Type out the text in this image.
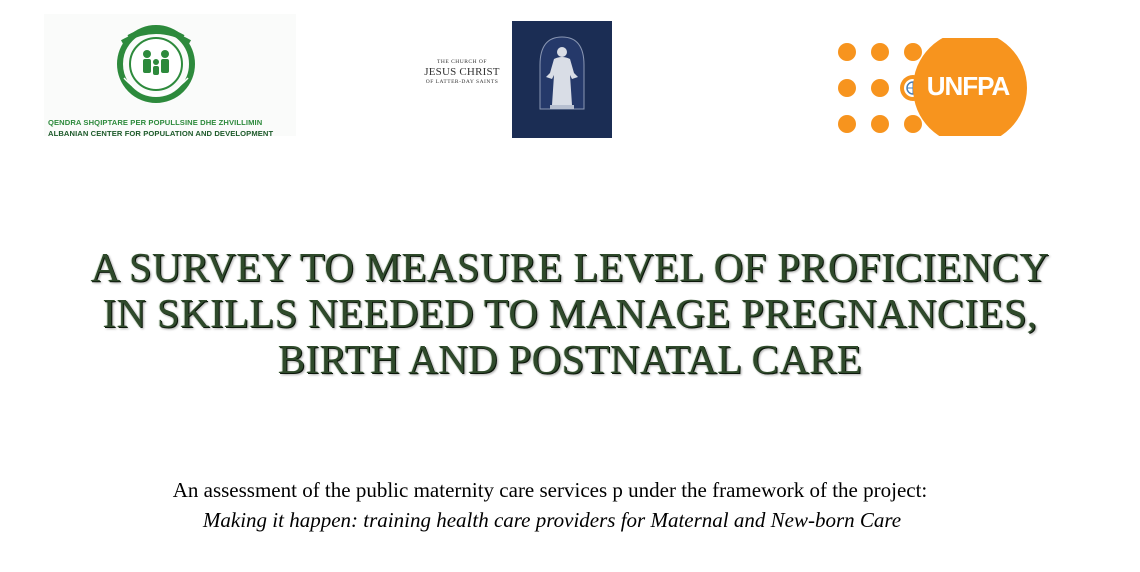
QENDRA SHQIPTARE PER POPULLSINE DHE ZHVILLIMIN
ALBANIAN CENTER FOR POPULATION AND DEVELOPMENT
THE CHURCH OF
JESUS CHRIST
OF LATTER-DAY SAINTS	UNFPA
A SURVEY TO MEASURE LEVEL OF PROFICIENCY
IN SKILLS NEEDED TO MANAGE PREGNANCIES,
BIRTH AND POSTNATAL CARE
An assessment of the public maternity care services p under the framework of the project:
Making it happen: training health care providers for Maternal and New-born Care
